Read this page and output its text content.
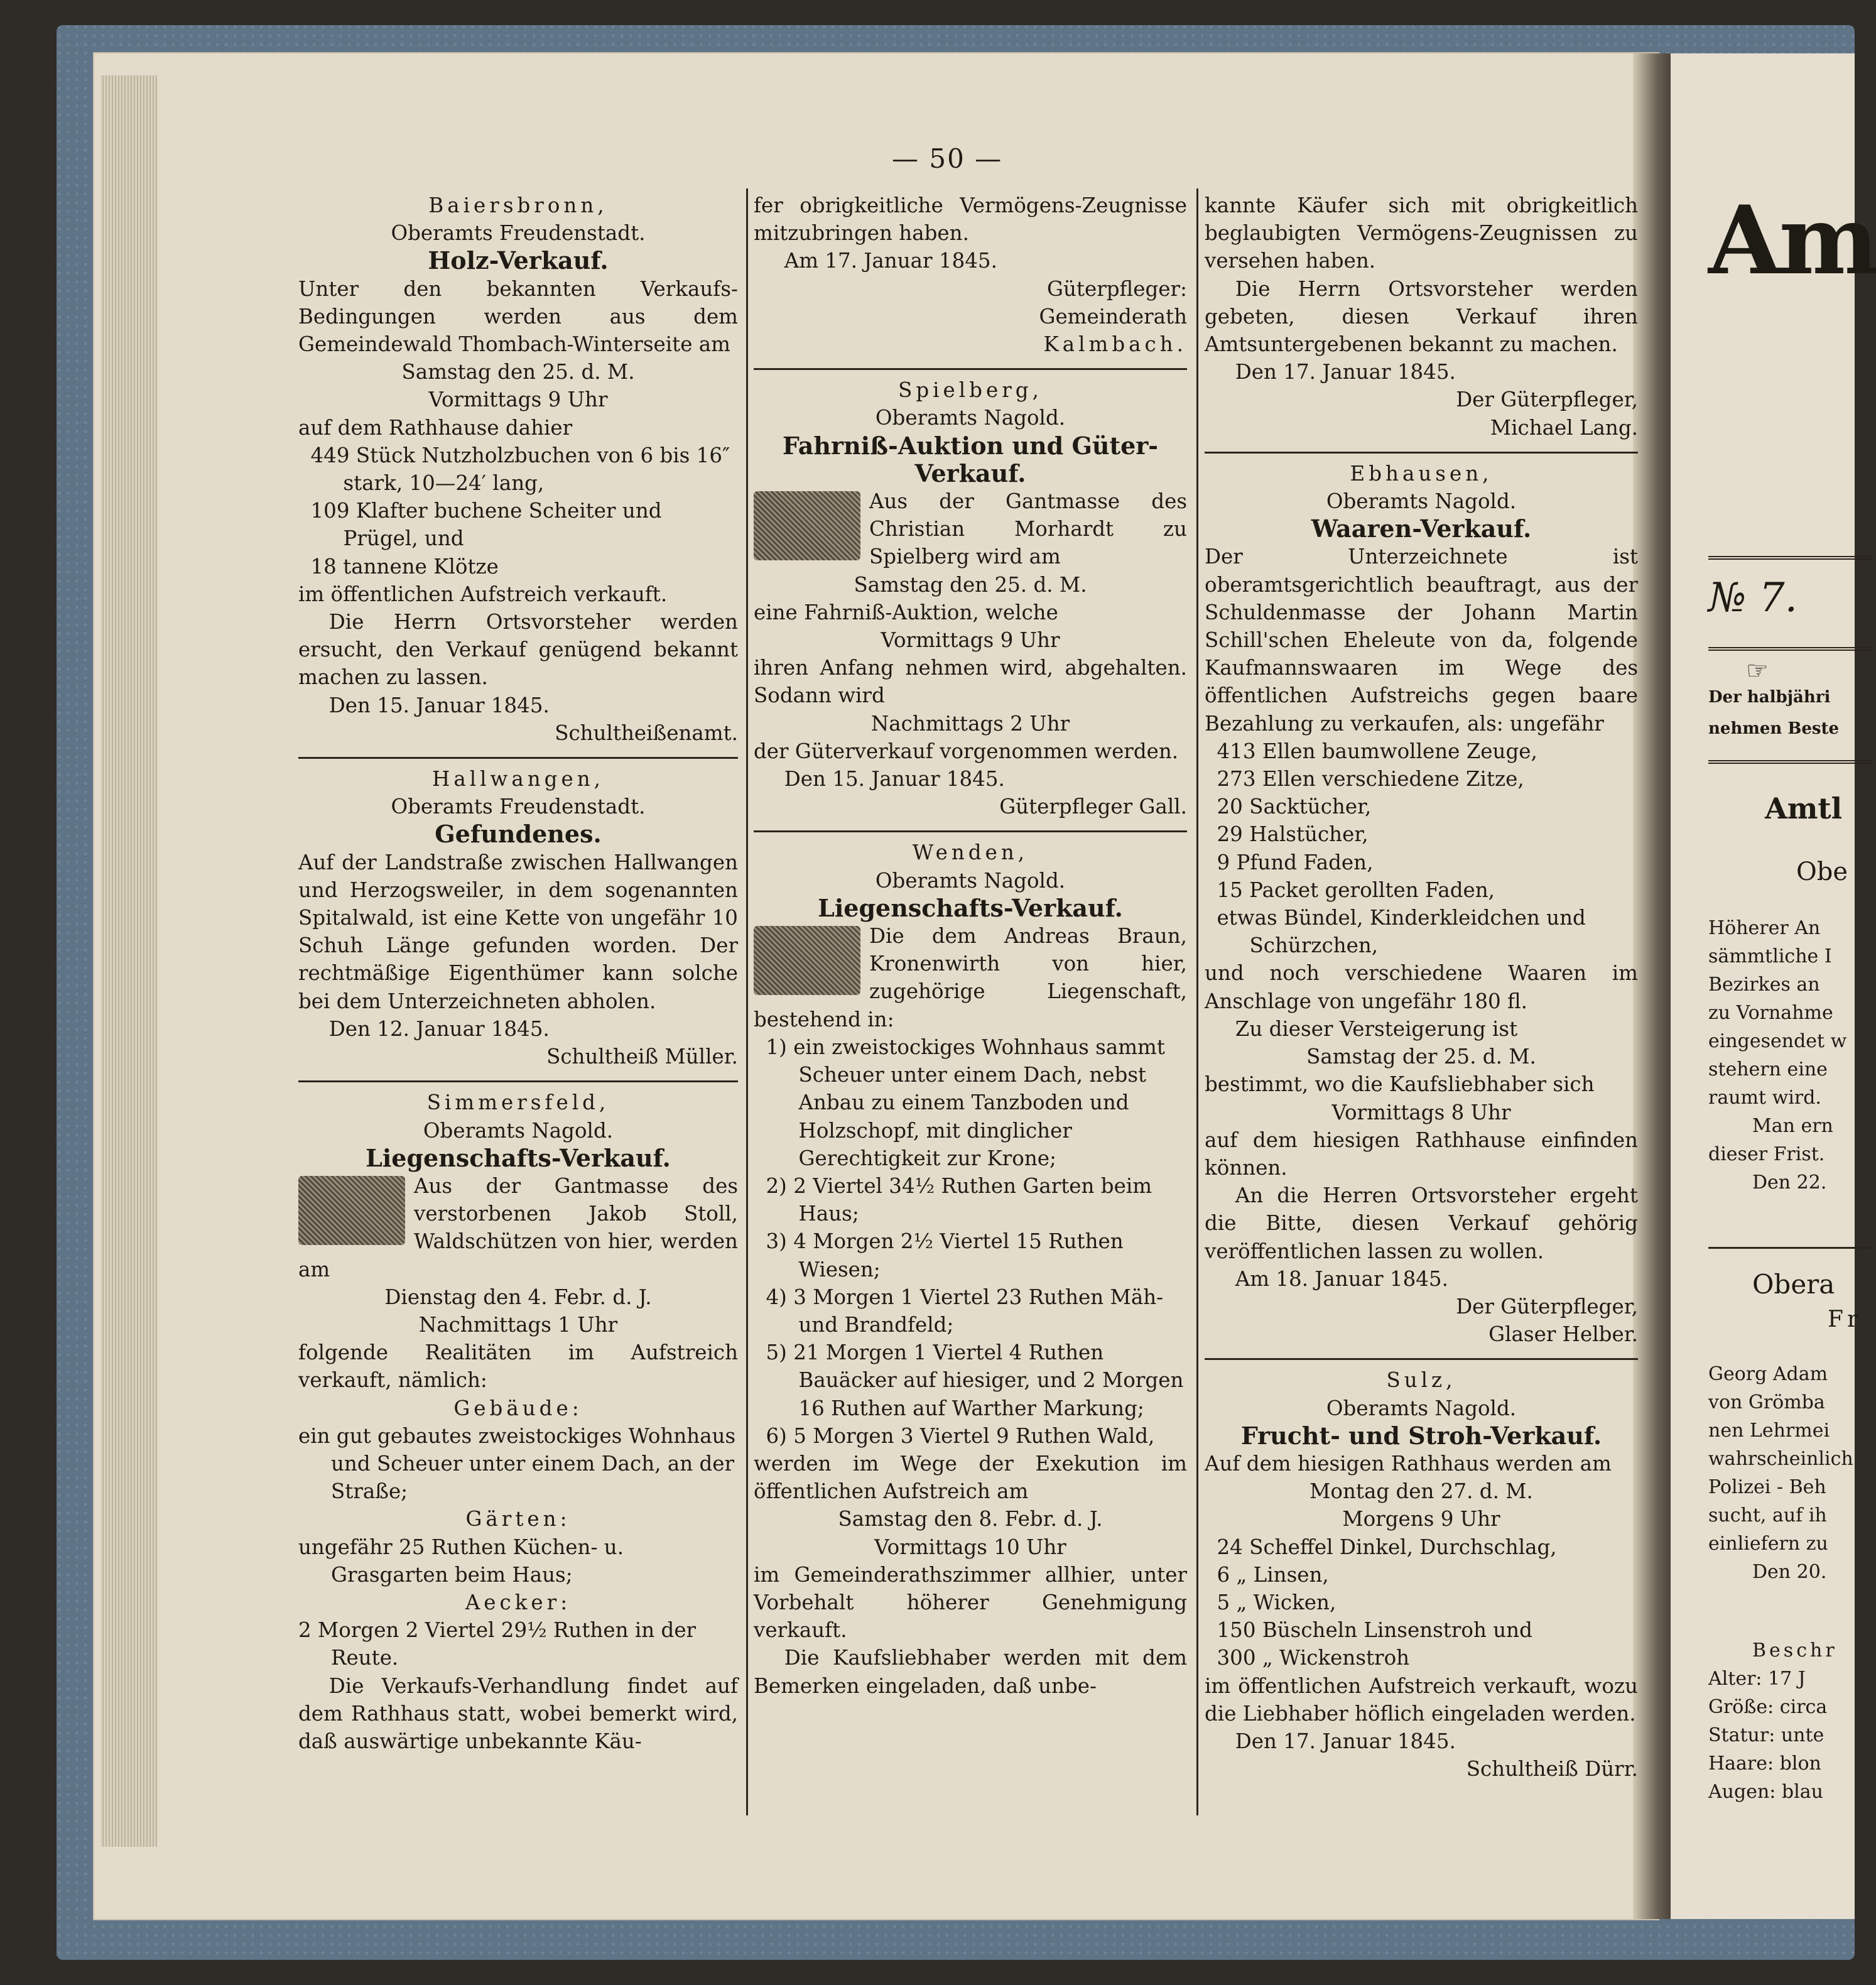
— 50 —
Baiersbronn,
Oberamts Freudenstadt.
Holz-Verkauf.
Unter den bekannten Verkaufs-Bedingungen werden aus dem Gemeindewald Thombach-Winterseite am
Samstag den 25. d. M.
Vormittags 9 Uhr
auf dem Rathhause dahier
449 Stück Nutzholzbuchen von 6 bis 16″ stark, 10—24′ lang,
109 Klafter buchene Scheiter und Prügel, und
18 tannene Klötze
im öffentlichen Aufstreich verkauft.
Die Herrn Ortsvorsteher werden ersucht, den Verkauf genügend bekannt machen zu lassen.
Den 15. Januar 1845.
Schultheißenamt.
Hallwangen,
Oberamts Freudenstadt.
Gefundenes.
Auf der Landstraße zwischen Hallwangen und Herzogsweiler, in dem sogenannten Spitalwald, ist eine Kette von ungefähr 10 Schuh Länge gefunden worden. Der rechtmäßige Eigenthümer kann solche bei dem Unterzeichneten abholen.
Den 12. Januar 1845.
Schultheiß Müller.
Simmersfeld,
Oberamts Nagold.
Liegenschafts-Verkauf.
Aus der Gantmasse des verstorbenen Jakob Stoll, Waldschützen von hier, werden am
Dienstag den 4. Febr. d. J.
Nachmittags 1 Uhr
folgende Realitäten im Aufstreich verkauft, nämlich:
Gebäude:
ein gut gebautes zweistockiges Wohnhaus und Scheuer unter einem Dach, an der Straße;
Gärten:
ungefähr 25 Ruthen Küchen- u. Grasgarten beim Haus;
Aecker:
2 Morgen 2 Viertel 29½ Ruthen in der Reute.
Die Verkaufs-Verhandlung findet auf dem Rathhaus statt, wobei bemerkt wird, daß auswärtige unbekannte Käu-
fer obrigkeitliche Vermögens-Zeugnisse mitzubringen haben.
Am 17. Januar 1845.
Güterpfleger:
Gemeinderath
Kalmbach.
Spielberg,
Oberamts Nagold.
Fahrniß-Auktion und Güter-Verkauf.
Aus der Gantmasse des Christian Morhardt zu Spielberg wird am
Samstag den 25. d. M.
eine Fahrniß-Auktion, welche
Vormittags 9 Uhr
ihren Anfang nehmen wird, abgehalten. Sodann wird
Nachmittags 2 Uhr
der Güterverkauf vorgenommen werden.
Den 15. Januar 1845.
Güterpfleger Gall.
Wenden,
Oberamts Nagold.
Liegenschafts-Verkauf.
Die dem Andreas Braun, Kronenwirth von hier, zugehörige Liegenschaft, bestehend in:
1) ein zweistockiges Wohnhaus sammt Scheuer unter einem Dach, nebst Anbau zu einem Tanzboden und Holzschopf, mit dinglicher Gerechtigkeit zur Krone;
2) 2 Viertel 34½ Ruthen Garten beim Haus;
3) 4 Morgen 2½ Viertel 15 Ruthen Wiesen;
4) 3 Morgen 1 Viertel 23 Ruthen Mäh- und Brandfeld;
5) 21 Morgen 1 Viertel 4 Ruthen Bauäcker auf hiesiger, und 2 Morgen 16 Ruthen auf Warther Markung;
6) 5 Morgen 3 Viertel 9 Ruthen Wald,
werden im Wege der Exekution im öffentlichen Aufstreich am
Samstag den 8. Febr. d. J.
Vormittags 10 Uhr
im Gemeinderathszimmer allhier, unter Vorbehalt höherer Genehmigung verkauft.
Die Kaufsliebhaber werden mit dem Bemerken eingeladen, daß unbe-
kannte Käufer sich mit obrigkeitlich beglaubigten Vermögens-Zeugnissen zu versehen haben.
Die Herrn Ortsvorsteher werden gebeten, diesen Verkauf ihren Amtsuntergebenen bekannt zu machen.
Den 17. Januar 1845.
Der Güterpfleger,
Michael Lang.
Ebhausen,
Oberamts Nagold.
Waaren-Verkauf.
Der Unterzeichnete ist oberamtsgerichtlich beauftragt, aus der Schuldenmasse der Johann Martin Schill'schen Eheleute von da, folgende Kaufmannswaaren im Wege des öffentlichen Aufstreichs gegen baare Bezahlung zu verkaufen, als: ungefähr
413 Ellen baumwollene Zeuge,
273 Ellen verschiedene Zitze,
20 Sacktücher,
29 Halstücher,
9 Pfund Faden,
15 Packet gerollten Faden,
etwas Bündel, Kinderkleidchen und Schürzchen,
und noch verschiedene Waaren im Anschlage von ungefähr 180 fl.
Zu dieser Versteigerung ist
Samstag der 25. d. M.
bestimmt, wo die Kaufsliebhaber sich
Vormittags 8 Uhr
auf dem hiesigen Rathhause einfinden können.
An die Herren Ortsvorsteher ergeht die Bitte, diesen Verkauf gehörig veröffentlichen lassen zu wollen.
Am 18. Januar 1845.
Der Güterpfleger,
Glaser Helber.
Sulz,
Oberamts Nagold.
Frucht- und Stroh-Verkauf.
Auf dem hiesigen Rathhaus werden am
Montag den 27. d. M.
Morgens 9 Uhr
24 Scheffel Dinkel, Durchschlag,
6 „ Linsen,
5 „ Wicken,
150 Büscheln Linsenstroh und
300 „ Wickenstroh
im öffentlichen Aufstreich verkauft, wozu die Liebhaber höflich eingeladen werden.
Den 17. Januar 1845.
Schultheiß Dürr.
Am
№ 7.
☞
Der halbjähri
nehmen Beste
Amtl
Obe
Höherer An
sämmtliche I
Bezirkes an
zu Vornahme
eingesendet w
stehern eine
raumt wird.
Man ern
dieser Frist.
Den 22.
Obera
Fr
Georg Adam
von Grömba
nen Lehrmei
wahrscheinlich
Polizei - Beh
sucht, auf ih
einliefern zu
Den 20.
Beschr
Alter: 17 J
Größe: circa
Statur: unte
Haare: blon
Augen: blau
